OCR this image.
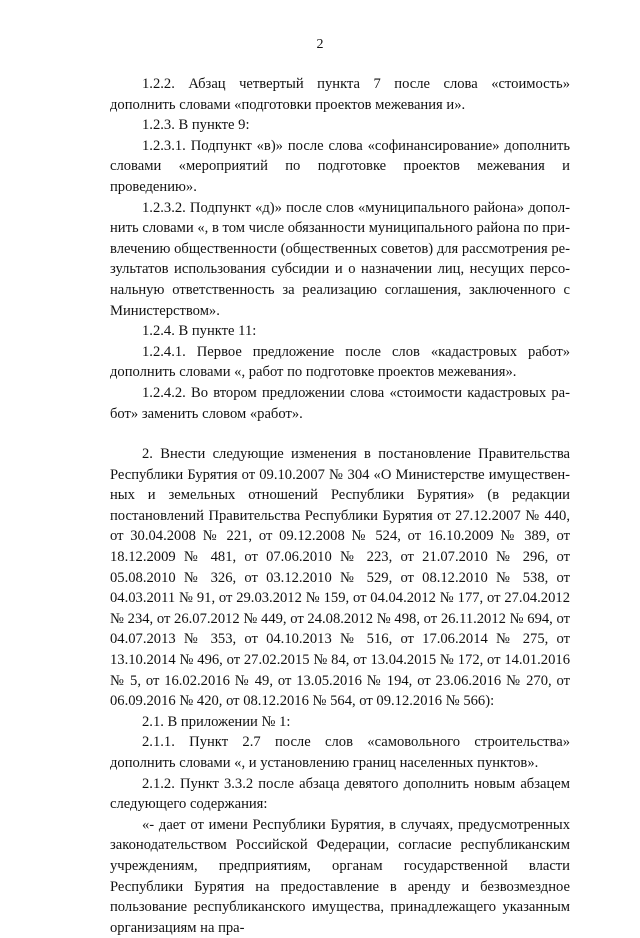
2

1.2.2. Абзац четвертый пункта 7 после слова «стоимость» дополнить словами «подготовки проектов межевания и».

1.2.3. В пункте 9:

1.2.3.1. Подпункт «в)» после слова «софинансирование» дополнить словами «мероприятий по подготовке проектов межевания и проведению».

1.2.3.2. Подпункт «д)» после слов «муниципального района» дополнить словами «, в том числе обязанности муниципального района по привлечению общественности (общественных советов) для рассмотрения результатов использования субсидии и о назначении лиц, несущих персональную ответственность за реализацию соглашения, заключенного с Министерством».

1.2.4. В пункте 11:

1.2.4.1. Первое предложение после слов «кадастровых работ» дополнить словами «, работ по подготовке проектов межевания».

1.2.4.2. Во втором предложении слова «стоимости кадастровых работ» заменить словом «работ».

2. Внести следующие изменения в постановление Правительства Республики Бурятия от 09.10.2007 № 304 «О Министерстве имущественных и земельных отношений Республики Бурятия» (в редакции постановлений Правительства Республики Бурятия от 27.12.2007 № 440, от 30.04.2008 № 221, от 09.12.2008 № 524, от 16.10.2009 № 389, от 18.12.2009 № 481, от 07.06.2010 № 223, от 21.07.2010 № 296, от 05.08.2010 № 326, от 03.12.2010 № 529, от 08.12.2010 № 538, от 04.03.2011 № 91, от 29.03.2012 № 159, от 04.04.2012 № 177, от 27.04.2012 № 234, от 26.07.2012 № 449, от 24.08.2012 № 498, от 26.11.2012 № 694, от 04.07.2013 № 353, от 04.10.2013 № 516, от 17.06.2014 № 275, от 13.10.2014 № 496, от 27.02.2015 № 84, от 13.04.2015 № 172, от 14.01.2016 № 5, от 16.02.2016 № 49, от 13.05.2016 № 194, от 23.06.2016 № 270, от 06.09.2016 № 420, от 08.12.2016 № 564, от 09.12.2016 № 566):

2.1. В приложении № 1:

2.1.1. Пункт 2.7 после слов «самовольного строительства» дополнить словами «, и установлению границ населенных пунктов».

2.1.2. Пункт 3.3.2 после абзаца девятого дополнить новым абзацем следующего содержания:

«- дает от имени Республики Бурятия, в случаях, предусмотренных законодательством Российской Федерации, согласие республиканским учреждениям, предприятиям, органам государственной власти Республики Бурятия на предоставление в аренду и безвозмездное пользование республиканского имущества, принадлежащего указанным организациям на пра-
